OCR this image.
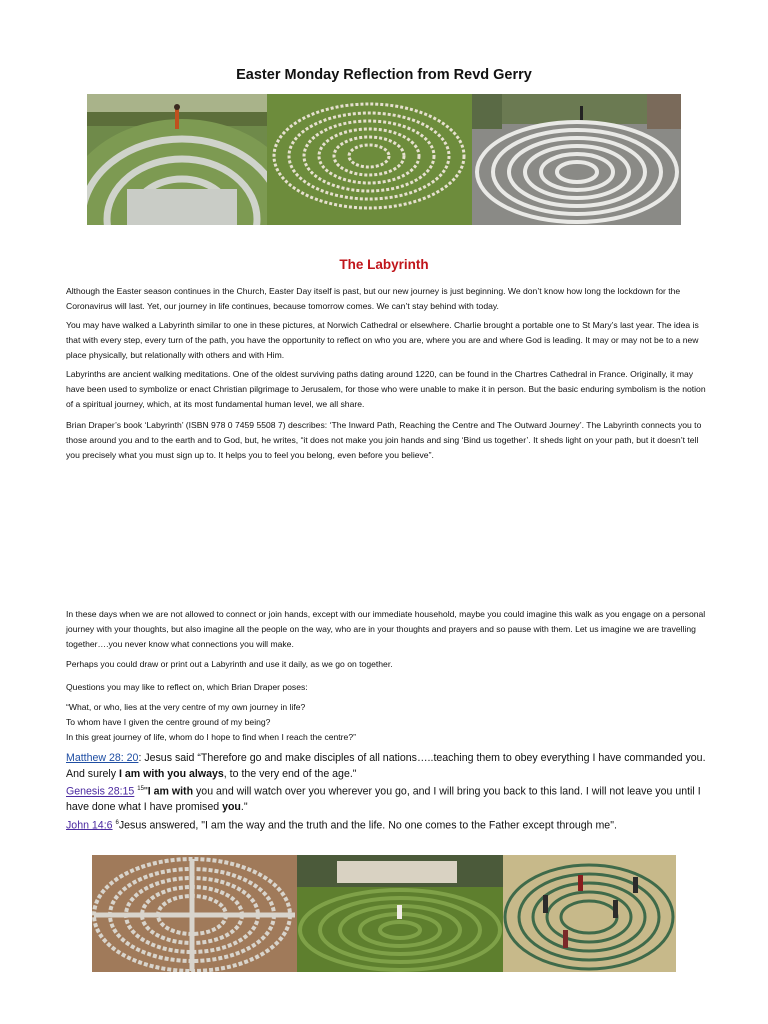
Easter Monday Reflection from Revd Gerry
The Labyrinth

Although the Easter season continues in the Church, Easter Day itself is past, but our new journey is just beginning. We don’t know how long the lockdown for the Coronavirus will last. Yet, our journey in life continues, because tomorrow comes. We can’t stay behind with today.

You may have walked a Labyrinth similar to one in these pictures, at Norwich Cathedral or elsewhere. Charlie brought a portable one to St Mary’s last year. The idea is that with every step, every turn of the path, you have the opportunity to reflect on who you are, where you are and where God is leading. It may or may not be to a new place physically, but relationally with others and with Him.

Labyrinths are ancient walking meditations. One of the oldest surviving paths dating around 1220, can be found in the Chartres Cathedral in France. Originally, it may have been used to symbolize or enact Christian pilgrimage to Jerusalem, for those who were unable to make it in person. But the basic enduring symbolism is the notion of a spiritual journey, which, at its most fundamental human level, we all share.

Brian Draper’s book ‘Labyrinth’ (ISBN 978 0 7459 5508 7) describes: ‘The Inward Path, Reaching the Centre and The Outward Journey’. The Labyrinth connects you to those around you and to the earth and to God, but, he writes, “it does not make you join hands and sing ‘Bind us together’. It sheds light on your path, but it doesn’t tell you precisely what you must sign up to. It helps you to feel you belong, even before you believe”.

In these days when we are not allowed to connect or join hands, except with our immediate household, maybe you could imagine this walk as you engage on a personal journey with your thoughts, but also imagine all the people on the way, who are in your thoughts and prayers and so pause with them. Let us imagine we are travelling together….you never know what connections you will make.

Perhaps you could draw or print out a Labyrinth and use it daily, as we go on together.

Questions you may like to reflect on, which Brian Draper poses:

“What, or who, lies at the very centre of my own journey in life?
To whom have I given the centre ground of my being?
In this great journey of life, whom do I hope to find when I reach the centre?”
Matthew 28: 20: Jesus said “Therefore go and make disciples of all nations…..teaching them to obey everything I have commanded you. And surely I am with you always, to the very end of the age."
Genesis 28:15 $^{15}$"I am with you and will watch over you wherever you go, and I will bring you back to this land. I will not leave you until I have done what I have promised you."
John 14:6 $^6$Jesus answered, "I am the way and the truth and the life. No one comes to the Father except through me".
